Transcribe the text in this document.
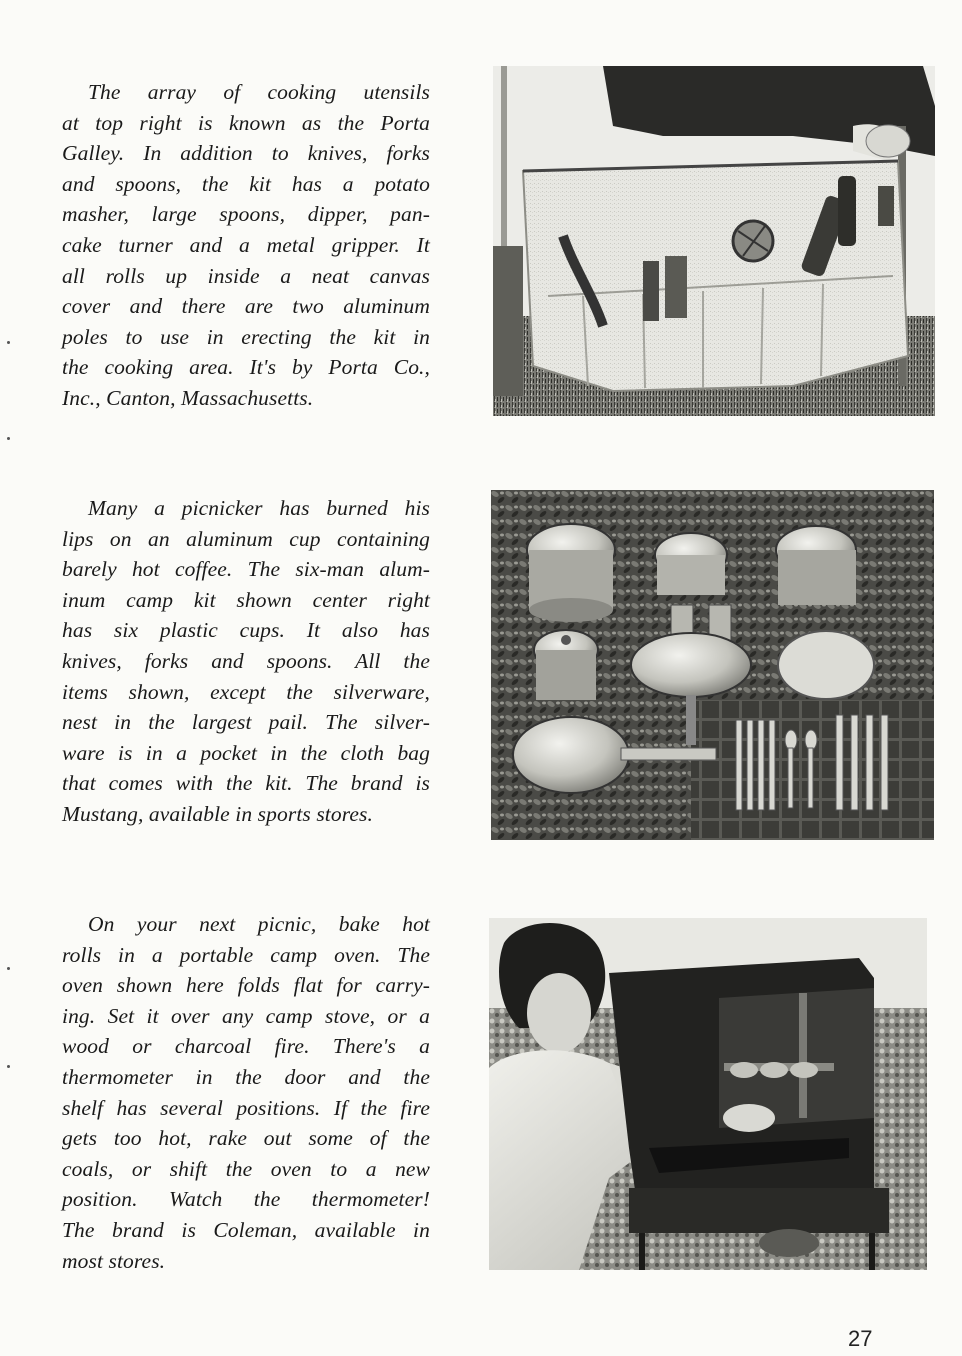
The array of cooking utensils
at top right is known as the Porta
Galley. In addition to knives, forks
and spoons, the kit has a potato
masher, large spoons, dipper, pan-
cake turner and a metal gripper. It
all rolls up inside a neat canvas
cover and there are two aluminum
poles to use in erecting the kit in
the cooking area. It's by Porta Co.,
Inc., Canton, Massachusetts.
Many a picnicker has burned his
lips on an aluminum cup containing
barely hot coffee. The six-man alum-
inum camp kit shown center right
has six plastic cups. It also has
knives, forks and spoons. All the
items shown, except the silverware,
nest in the largest pail. The silver-
ware is in a pocket in the cloth bag
that comes with the kit. The brand is
Mustang, available in sports stores.
On your next picnic, bake hot
rolls in a portable camp oven. The
oven shown here folds flat for carry-
ing. Set it over any camp stove, or a
wood or charcoal fire. There's a
thermometer in the door and the
shelf has several positions. If the fire
gets too hot, rake out some of the
coals, or shift the oven to a new
position. Watch the thermometer!
The brand is Coleman, available in
most stores.
27
